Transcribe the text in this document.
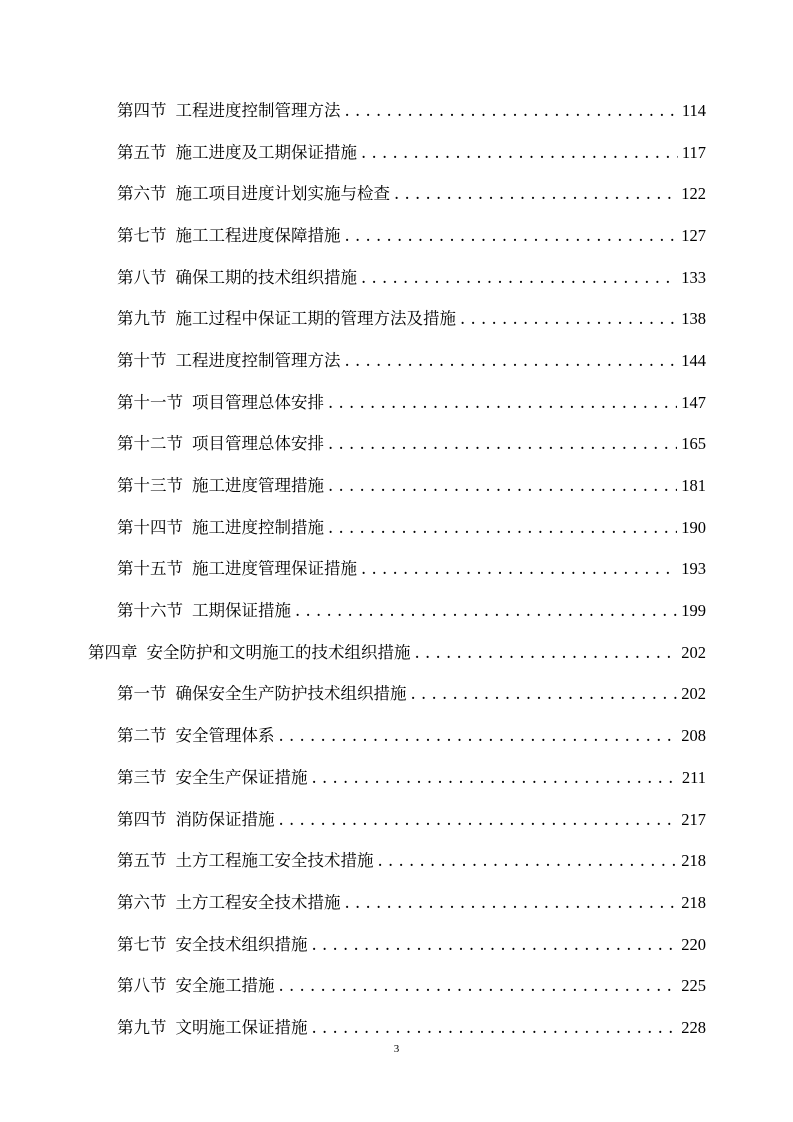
第四节 工程进度控制管理方法 . . .	114
第五节 施工进度及工期保证措施 . . .	117
第六节 施工项目进度计划实施与检查 . . .	122
第七节 施工工程进度保障措施 . . .	127
第八节 确保工期的技术组织措施 . . .	133
第九节 施工过程中保证工期的管理方法及措施 . . .	138
第十节 工程进度控制管理方法 . . .	144
第十一节 项目管理总体安排 . . .	147
第十二节 项目管理总体安排 . . .	165
第十三节 施工进度管理措施 . . .	181
第十四节 施工进度控制措施 . . .	190
第十五节 施工进度管理保证措施 . . .	193
第十六节 工期保证措施 . . .	199
第四章 安全防护和文明施工的技术组织措施 . . .	202
第一节 确保安全生产防护技术组织措施 . . .	202
第二节 安全管理体系 . . .	208
第三节 安全生产保证措施 . . .	211
第四节 消防保证措施 . . .	217
第五节 土方工程施工安全技术措施 . . .	218
第六节 土方工程安全技术措施 . . .	218
第七节 安全技术组织措施 . . .	220
第八节 安全施工措施 . . .	225
第九节 文明施工保证措施 . . .	228
3
